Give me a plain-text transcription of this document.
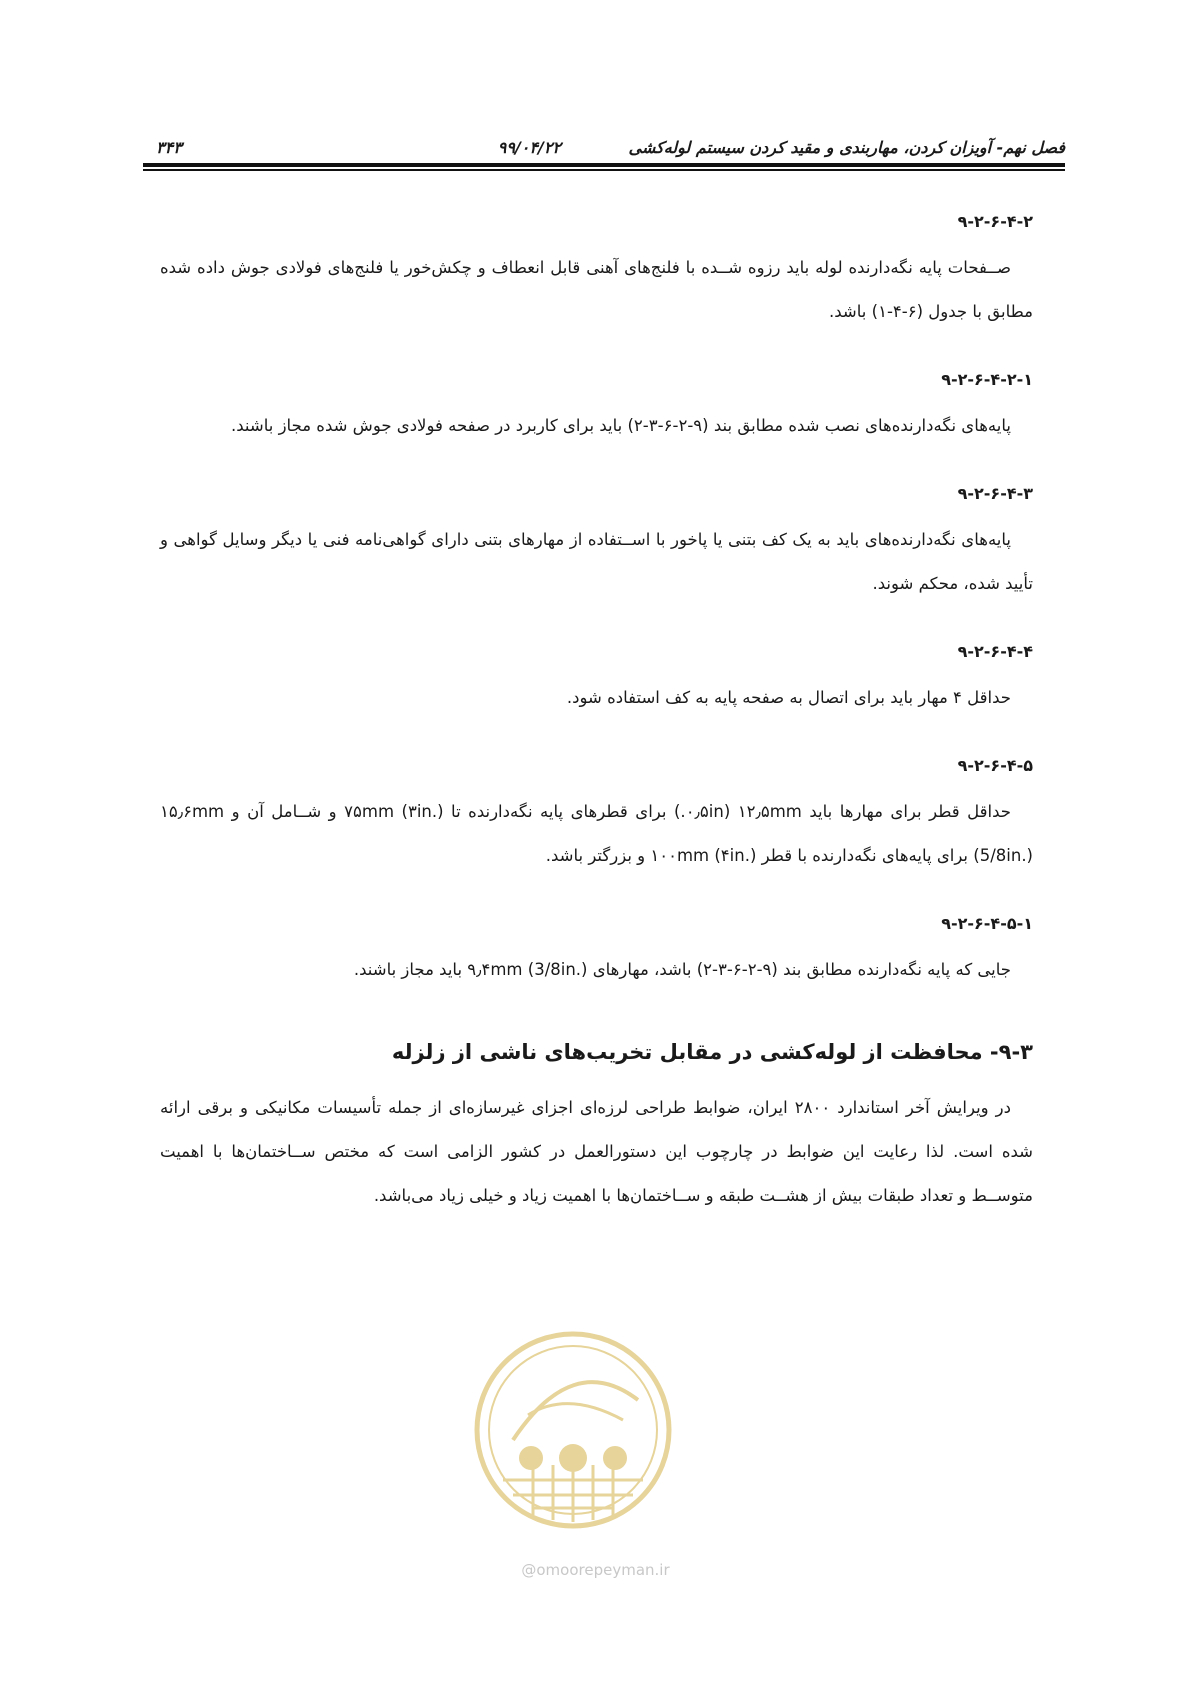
فصل نهم- آویزان کردن، مهاربندی و مقید کردن سیستم لوله‌کشی
۹۹/۰۴/۲۲
۳۴۳

۹-۲-۶-۴-۲

صــفحات پایه نگه‌دارنده لوله باید رزوه شــده با فلنج‌های آهنی قابل انعطاف و چکش‌خور یا فلنج‌های فولادی جوش داده شده مطابق با جدول (۶-۴-۱) باشد.

۹-۲-۶-۴-۲-۱

پایه‌های نگه‌دارنده‌های نصب شده مطابق بند (۹-۲-۶-۳-۲) باید برای کاربرد در صفحه فولادی جوش شده مجاز باشند.

۹-۲-۶-۴-۳

پایه‌های نگه‌دارنده‌های باید به یک کف بتنی یا پاخور با اســتفاده از مهارهای بتنی دارای گواهی‌نامه فنی یا دیگر وسایل گواهی و تأیید شده، محکم شوند.

۹-۲-۶-۴-۴

حداقل ۴ مهار باید برای اتصال به صفحه پایه به کف استفاده شود.

۹-۲-۶-۴-۵

حداقل قطر برای مهارها باید ۱۲٫۵mm (۰٫۵in.) برای قطرهای پایه نگه‌دارنده تا ۷۵mm (۳in.) و شــامل آن و ۱۵٫۶mm (5/8in.) برای پایه‌های نگه‌دارنده با قطر ۱۰۰mm (۴in.) و بزرگتر باشد.

۹-۲-۶-۴-۵-۱

جایی که پایه نگه‌دارنده مطابق بند (۹-۲-۶-۳-۲) باشد، مهارهای ۹٫۴mm (3/8in.) باید مجاز باشند.

۹-۳- محافظت از لوله‌کشی در مقابل تخریب‌های ناشی از زلزله

در ویرایش آخر استاندارد ۲۸۰۰ ایران، ضوابط طراحی لرزه‌ای اجزای غیرسازه‌ای از جمله تأسیسات مکانیکی و برقی ارائه شده است. لذا رعایت این ضوابط در چارچوب این دستورالعمل در کشور الزامی است که مختص ســاختمان‌ها با اهمیت متوســط و تعداد طبقات بیش از هشــت طبقه و ســاختمان‌ها با اهمیت زیاد و خیلی زیاد می‌باشد.

@omoorepeyman.ir
